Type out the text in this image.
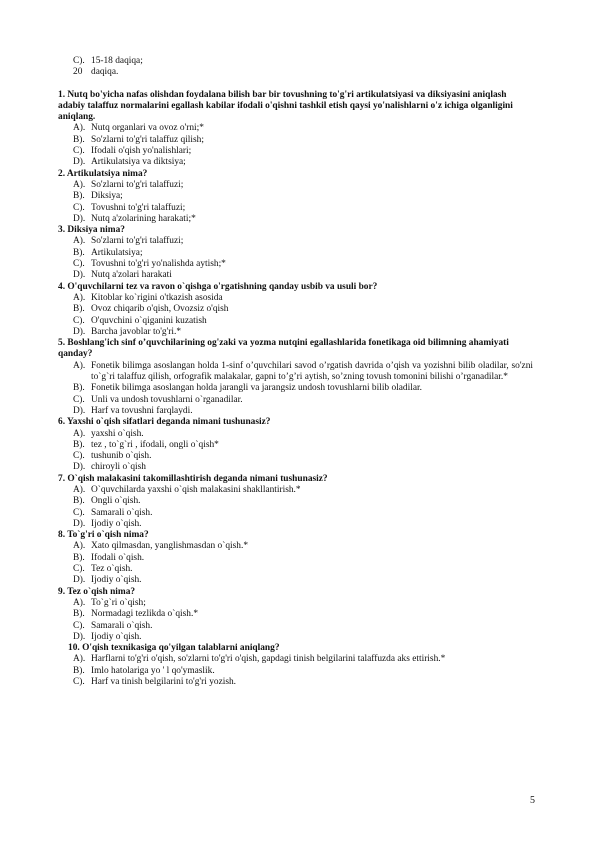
C). 15-18 daqiqa;
20 daqiqa.
1. Nutq bo'yicha nafas olishdan foydalana bilish bar bir tovushning to'g'ri artikulatsiyasi va diksiyasini aniqlash adabiy talaffuz normalarini egallash kabilar ifodali o'qishni tashkil etish qaysi yo'nalishlarni o'z ichiga olganligini aniqlang.
A). Nutq organlari va ovoz o'rni;*
B). So'zlarni to'g'ri talaffuz qilish;
C). Ifodali o'qish yo'nalishlari;
D). Artikulatsiya va diktsiya;
2. Artikulatsiya nima?
A). So'zlarni to'g'ri talaffuzi;
B). Diksiya;
C). Tovushni to'g'ri talaffuzi;
D). Nutq a'zolarining harakati;*
3. Diksiya nima?
A). So'zlarni to'g'ri talaffuzi;
B). Artikulatsiya;
C). Tovushni to'g'ri yo'nalishda aytish;*
D). Nutq a'zolari harakati
4. O'quvchilarni tez va ravon o`qishga o'rgatishning qanday usbib va usuli bor?
A). Kitoblar ko`rigini o'tkazish asosida
B). Ovoz chiqarib o'qish, Ovozsiz o'qish
C). O'quvchini o`qiganini kuzatish
D). Barcha javoblar to'g'ri.*
5. Boshlang'ich sinf o’quvchilarining og'zaki va yozma nutqini egallashlarida fonetikaga oid bilimning ahamiyati qanday?
A). Fonetik bilimga asoslangan holda 1-sinf o’quvchilari savod o’rgatish davrida o’qish va yozishni bilib oladilar, so'zni to`g`ri talaffuz qilish, orfografik malakalar, gapni to’g’ri aytish, so’zning tovush tomonini bilishi o’rganadilar.*
B). Fonetik bilimga asoslangan holda jarangli va jarangsiz undosh tovushlarni bilib oladilar.
C). Unli va undosh tovushlarni o`rganadilar.
D). Harf va tovushni farqlaydi.
6. Yaxshi o`qish sifatlari deganda nimani tushunasiz?
A). yaxshi o`qish.
B). tez , to`g`ri , ifodali, ongli o`qish*
C). tushunib o`qish.
D). chiroyli o`qish
7. O`qish malakasini takomillashtirish deganda nimani tushunasiz?
A). O`quvchilarda yaxshi o`qish malakasini shakllantirish.*
B). Ongli o`qish.
C). Samarali o`qish.
D). Ijodiy o`qish.
8. To`g'ri o`qish nima?
A). Xato qilmasdan, yanglishmasdan o`qish.*
B). Ifodali o`qish.
C). Tez o`qish.
D). Ijodiy o`qish.
9. Tez o`qish nima?
A). To`g`ri o`qish;
B). Normadagi tezlikda o`qish.*
C). Samarali o`qish.
D). Ijodiy o`qish.
10. O'qish texnikasiga qo'yilgan talablarni aniqlang?
A). Harflarni to'g'ri o'qish, so'zlarni to'g'ri o'qish, gapdagi tinish belgilarini talaffuzda aks ettirish.*
B). Imlo hatolariga yo ' l qo'ymaslik.
C). Harf va tinish belgilarini to'g'ri yozish.
5
